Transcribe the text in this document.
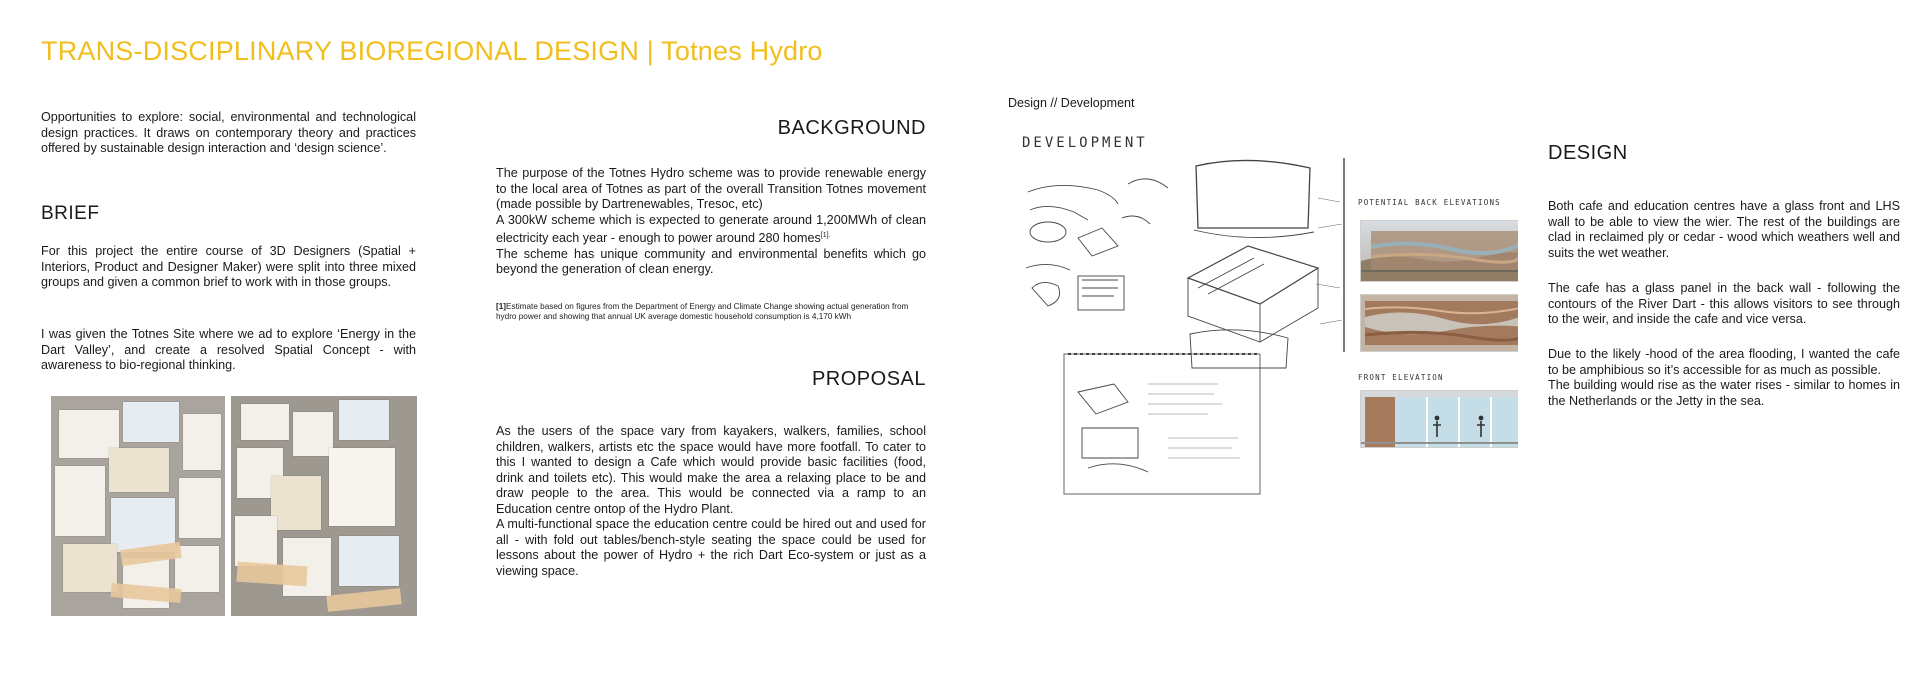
TRANS-DISCIPLINARY BIOREGIONAL DESIGN | Totnes Hydro

Opportunities to explore: social, environmental and technological design practices. It draws on contemporary theory and practices offered by sustainable design interaction and ‘design science’.

BRIEF

For this project the entire course of 3D Designers (Spatial + Interiors, Product and Designer Maker) were split into three mixed groups and given a common brief to work with in those groups.

I was given the Totnes Site where we ad to explore ‘Energy in the Dart Valley’, and create a resolved Spatial Concept - with awareness to bio-regional thinking.

BACKGROUND

The purpose of the Totnes Hydro scheme was to provide renewable energy to the local area of Totnes as part of the overall Transition Totnes movement (made possible by Dartrenewables, Tresoc, etc)

A 300kW scheme which is expected to generate around 1,200MWh of clean electricity each year - enough to power around 280 homes$^{[1].}$

The scheme has unique community and environmental benefits which go beyond the generation of clean energy.

[1]Estimate based on figures from the Department of Energy and Climate Change showing actual generation from hydro power and showing that annual UK average domestic household consumption is 4,170 kWh

PROPOSAL

As the users of the space vary from kayakers, walkers, families, school children, walkers, artists etc the space would have more footfall. To cater to this I wanted to design a Cafe which would provide basic facilities (food, drink and toilets etc). This would make the area a relaxing place to be and draw people to the area. This would be connected via a ramp to an Education centre ontop of the Hydro Plant.

A multi-functional space the education centre could be hired out and used for all - with fold out tables/bench-style seating the space could be used for lessons about the power of Hydro + the rich Dart Eco-system or just as a viewing space.

Design // Development
DEVELOPMENT
POTENTIAL BACK ELEVATIONS
FRONT ELEVATION
DESIGN

Both cafe and education centres have a glass front and LHS wall to be able to view the wier. The rest of the buildings are clad in reclaimed ply or cedar - wood which weathers well and suits the wet weather.

The cafe has a glass panel in the back wall - following the contours of the River Dart - this allows visitors to see through to the weir, and inside the cafe and vice versa.

Due to the likely -hood of the area flooding, I wanted the cafe to be amphibious so it’s accessible for as much as possible.

The building would rise as the water rises - similar to homes in the Netherlands or the Jetty in the sea.
